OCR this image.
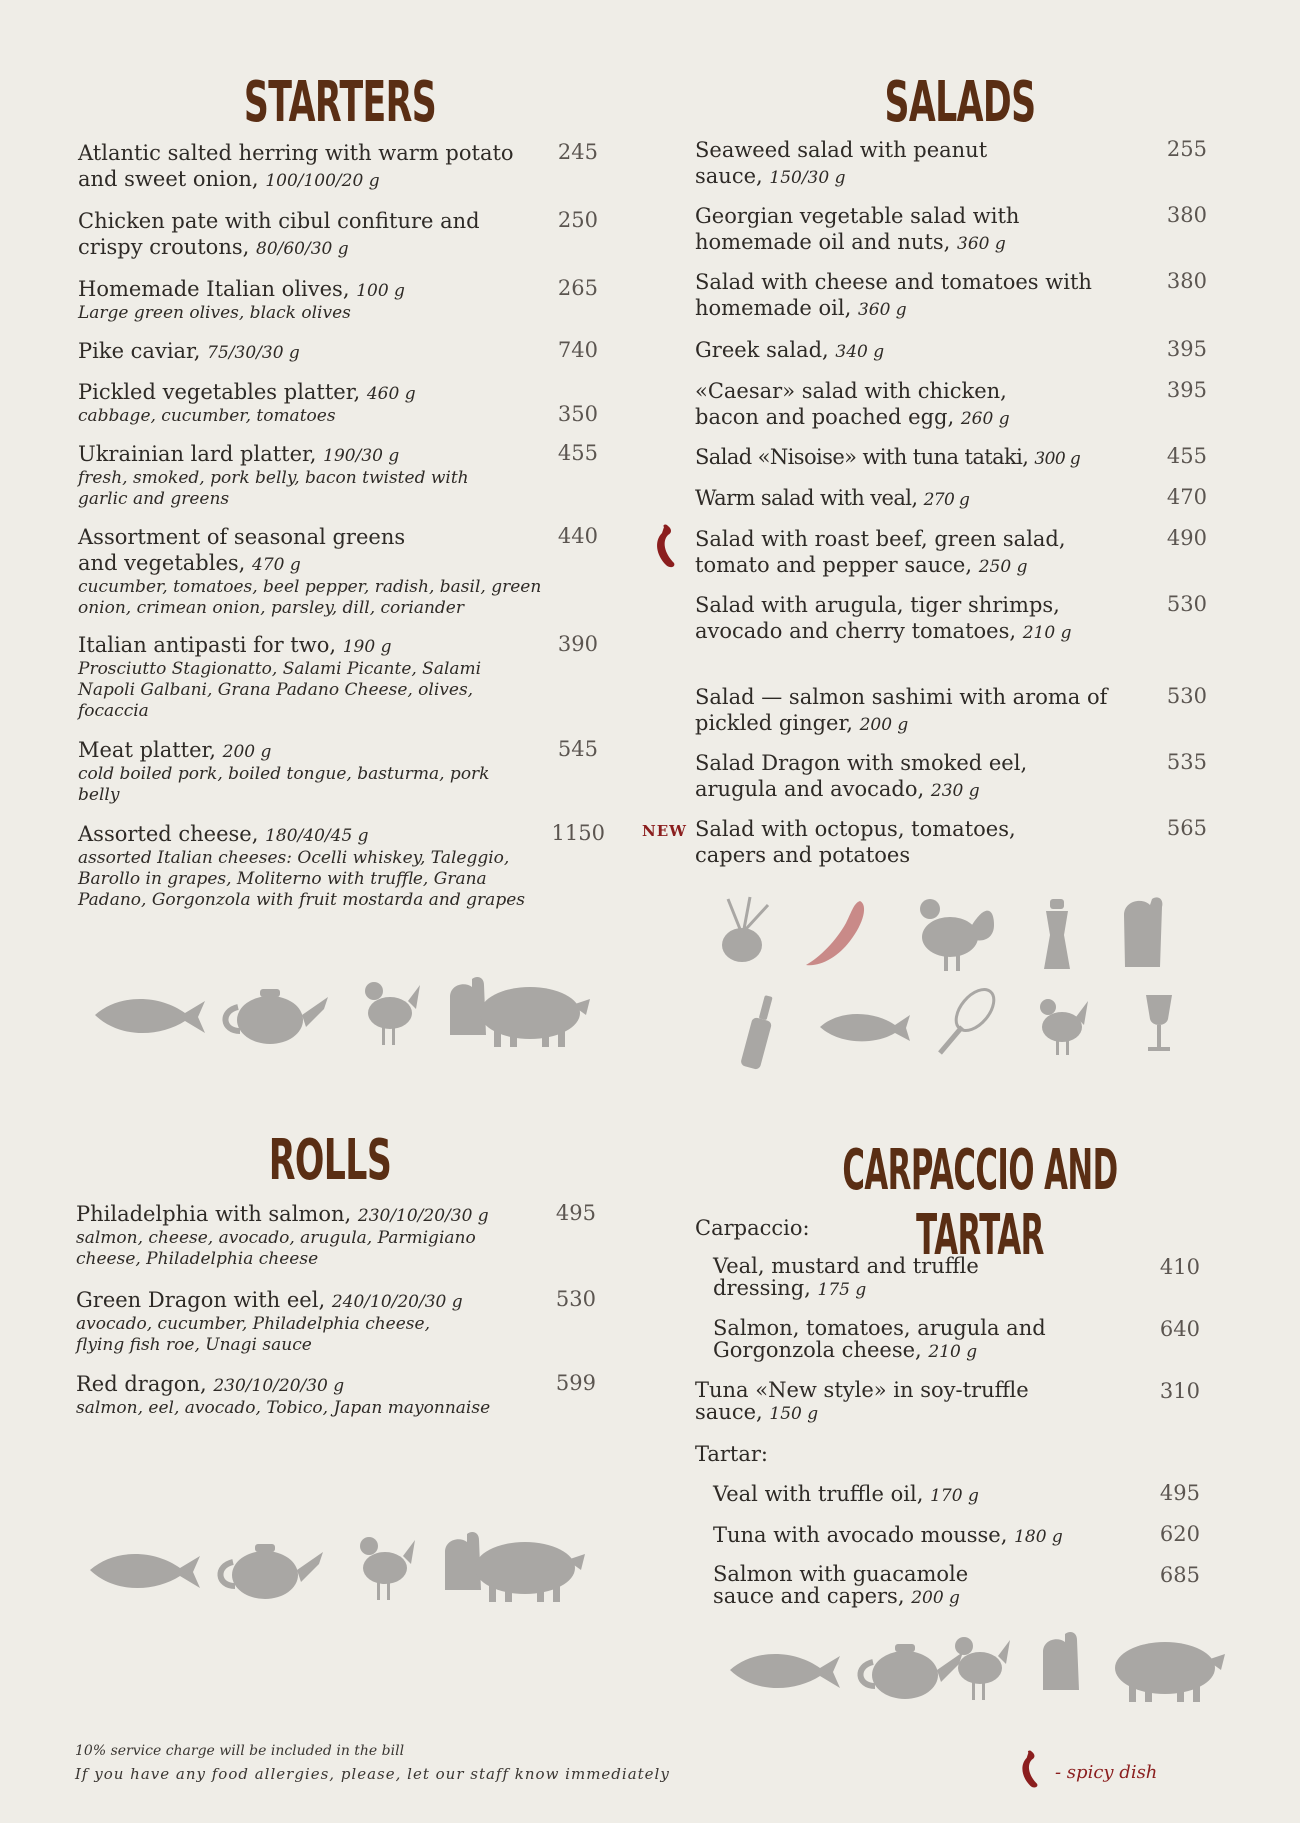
STARTERS
Atlantic salted herring with warm potato and sweet onion, 100/100/20 g
245
Chicken pate with cibul confiture and crispy croutons, 80/60/30 g
250
Homemade Italian olives, 100 g
Large green olives, black olives
265
Pike caviar, 75/30/30 g	740
Pickled vegetables platter, 460 g
cabbage, cucumber, tomatoes	350
Ukrainian lard platter, 190/30 g
fresh, smoked, pork belly, bacon twisted with garlic and greens
455
Assortment of seasonal greens and vegetables, 470 g
cucumber, tomatoes, beel pepper, radish, basil, green onion, crimean onion, parsley, dill, coriander
440
Italian antipasti for two, 190 g
Prosciutto Stagionatto, Salami Picante, Salami Napoli Galbani, Grana Padano Cheese, olives, focaccia
390
Meat platter, 200 g
cold boiled pork, boiled tongue, basturma, pork belly
545
Assorted cheese, 180/40/45 g
assorted Italian cheeses: Ocelli whiskey, Taleggio, Barollo in grapes, Moliterno with truffle, Grana Padano, Gorgonzola with fruit mostarda and grapes
1150
SALADS
Seaweed salad with peanut sauce, 150/30 g
255
Georgian vegetable salad with homemade oil and nuts, 360 g
380
Salad with cheese and tomatoes with homemade oil, 360 g
380
Greek salad, 340 g	395
«Caesar» salad with chicken, bacon and poached egg, 260 g
395
Salad «Nisoise» with tuna tataki, 300 g	455
Warm salad with veal, 270 g	470
Salad with roast beef, green salad, tomato and pepper sauce, 250 g
490
Salad with arugula, tiger shrimps, avocado and cherry tomatoes, 210 g
530
Salad — salmon sashimi with aroma of pickled ginger, 200 g
530
Salad Dragon with smoked eel, arugula and avocado, 230 g
535
Salad with octopus, tomatoes, capers and potatoes
565
NEW
ROLLS
Philadelphia with salmon, 230/10/20/30 g
salmon, cheese, avocado, arugula, Parmigiano cheese, Philadelphia cheese
495
Green Dragon with eel, 240/10/20/30 g
avocado, cucumber, Philadelphia cheese, flying fish roe, Unagi sauce
530
Red dragon, 230/10/20/30 g
salmon, eel, avocado, Tobico, Japan mayonnaise
599
CARPACCIO AND TARTAR
Carpaccio:
Veal, mustard and truffle dressing, 175 g
410
Salmon, tomatoes, arugula and Gorgonzola cheese, 210 g
640
Tuna «New style» in soy-truffle sauce, 150 g
310
Tartar:
Veal with truffle oil, 170 g	495
Tuna with avocado mousse, 180 g	620
Salmon with guacamole sauce and capers, 200 g
685
10% service charge will be included in the bill
If you have any food allergies, please, let our staff know immediately	- spicy dish
